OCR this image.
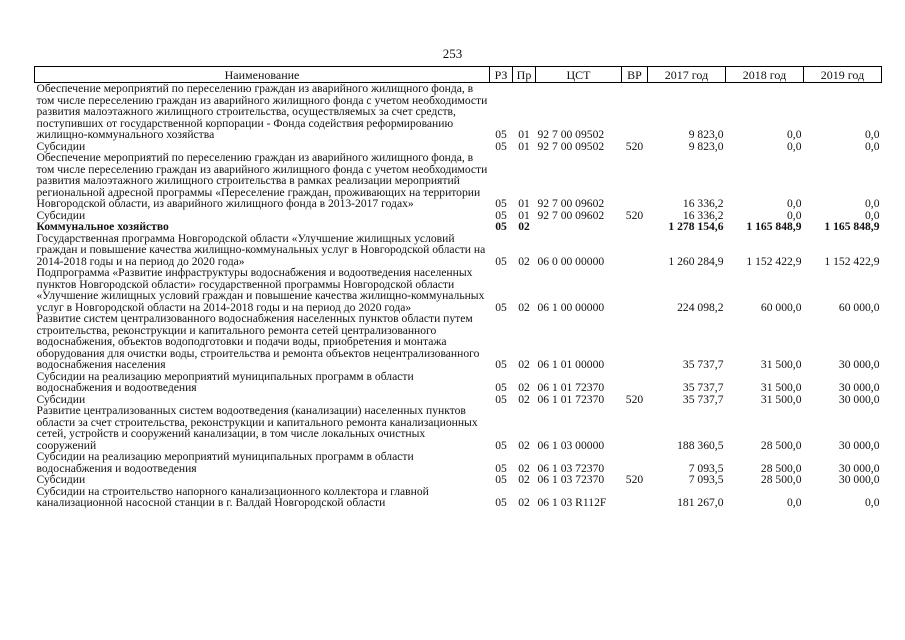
253
Наименование	РЗ	Пр	ЦСТ	ВР	2017 год	2018 год	2019 год
Обеспечение мероприятий по переселению граждан из аварийного жилищного фонда, в том числе переселению граждан из аварийного жилищного фонда с учетом необходимости развития малоэтажного жилищного строительства, осуществляемых за счет средств, поступивших от государственной корпорации - Фонда содействия реформированию жилищно-коммунального хозяйства	05	01	92 7 00 09502		9 823,0	0,0	0,0
Субсидии	05	01	92 7 00 09502	520	9 823,0	0,0	0,0
Обеспечение мероприятий по переселению граждан из аварийного жилищного фонда, в том числе переселению граждан из аварийного жилищного фонда с учетом необходимости развития малоэтажного жилищного строительства в рамках реализации мероприятий региональной адресной программы «Переселение граждан, проживающих на территории Новгородской области, из аварийного жилищного фонда в 2013-2017 годах»	05	01	92 7 00 09602		16 336,2	0,0	0,0
Субсидии	05	01	92 7 00 09602	520	16 336,2	0,0	0,0
Коммунальное хозяйство	05	02			1 278 154,6	1 165 848,9	1 165 848,9
Государственная программа Новгородской области «Улучшение жилищных условий граждан и повышение качества жилищно-коммунальных услуг в Новгородской области на 2014-2018 годы и на период до 2020 года»	05	02	06 0 00 00000		1 260 284,9	1 152 422,9	1 152 422,9
Подпрограмма «Развитие инфраструктуры водоснабжения и водоотведения населенных пунктов Новгородской области» государственной программы Новгородской области «Улучшение жилищных условий граждан и повышение качества жилищно-коммунальных услуг в Новгородской области на 2014-2018 годы и на период до 2020 года»	05	02	06 1 00 00000		224 098,2	60 000,0	60 000,0
Развитие систем централизованного водоснабжения населенных пунктов области путем строительства, реконструкции и капитального ремонта сетей централизованного водоснабжения, объектов водоподготовки и подачи воды, приобретения и монтажа оборудования для очистки воды, строительства и ремонта объектов нецентрализованного водоснабжения населения	05	02	06 1 01 00000		35 737,7	31 500,0	30 000,0
Субсидии на реализацию мероприятий муниципальных программ в области водоснабжения и водоотведения	05	02	06 1 01 72370		35 737,7	31 500,0	30 000,0
Субсидии	05	02	06 1 01 72370	520	35 737,7	31 500,0	30 000,0
Развитие централизованных систем водоотведения (канализации) населенных пунктов области за счет строительства, реконструкции и капитального ремонта канализационных сетей, устройств и сооружений канализации, в том числе локальных очистных сооружений	05	02	06 1 03 00000		188 360,5	28 500,0	30 000,0
Субсидии на реализацию мероприятий муниципальных программ в области водоснабжения и водоотведения	05	02	06 1 03 72370		7 093,5	28 500,0	30 000,0
Субсидии	05	02	06 1 03 72370	520	7 093,5	28 500,0	30 000,0
Субсидии на строительство напорного канализационного коллектора и главной канализационной насосной станции в г. Валдай Новгородской области	05	02	06 1 03 R112F		181 267,0	0,0	0,0
